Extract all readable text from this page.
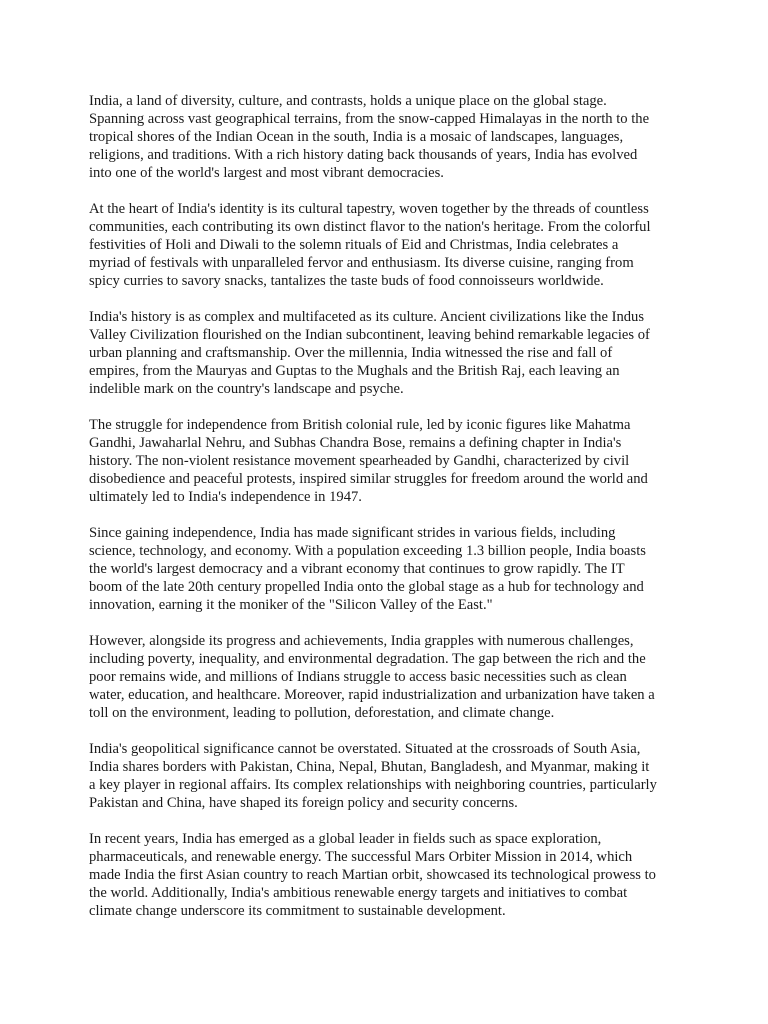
India, a land of diversity, culture, and contrasts, holds a unique place on the global stage.
Spanning across vast geographical terrains, from the snow-capped Himalayas in the north to the
tropical shores of the Indian Ocean in the south, India is a mosaic of landscapes, languages,
religions, and traditions. With a rich history dating back thousands of years, India has evolved
into one of the world's largest and most vibrant democracies.

At the heart of India's identity is its cultural tapestry, woven together by the threads of countless
communities, each contributing its own distinct flavor to the nation's heritage. From the colorful
festivities of Holi and Diwali to the solemn rituals of Eid and Christmas, India celebrates a
myriad of festivals with unparalleled fervor and enthusiasm. Its diverse cuisine, ranging from
spicy curries to savory snacks, tantalizes the taste buds of food connoisseurs worldwide.

India's history is as complex and multifaceted as its culture. Ancient civilizations like the Indus
Valley Civilization flourished on the Indian subcontinent, leaving behind remarkable legacies of
urban planning and craftsmanship. Over the millennia, India witnessed the rise and fall of
empires, from the Mauryas and Guptas to the Mughals and the British Raj, each leaving an
indelible mark on the country's landscape and psyche.

The struggle for independence from British colonial rule, led by iconic figures like Mahatma
Gandhi, Jawaharlal Nehru, and Subhas Chandra Bose, remains a defining chapter in India's
history. The non-violent resistance movement spearheaded by Gandhi, characterized by civil
disobedience and peaceful protests, inspired similar struggles for freedom around the world and
ultimately led to India's independence in 1947.

Since gaining independence, India has made significant strides in various fields, including
science, technology, and economy. With a population exceeding 1.3 billion people, India boasts
the world's largest democracy and a vibrant economy that continues to grow rapidly. The IT
boom of the late 20th century propelled India onto the global stage as a hub for technology and
innovation, earning it the moniker of the "Silicon Valley of the East."

However, alongside its progress and achievements, India grapples with numerous challenges,
including poverty, inequality, and environmental degradation. The gap between the rich and the
poor remains wide, and millions of Indians struggle to access basic necessities such as clean
water, education, and healthcare. Moreover, rapid industrialization and urbanization have taken a
toll on the environment, leading to pollution, deforestation, and climate change.

India's geopolitical significance cannot be overstated. Situated at the crossroads of South Asia,
India shares borders with Pakistan, China, Nepal, Bhutan, Bangladesh, and Myanmar, making it
a key player in regional affairs. Its complex relationships with neighboring countries, particularly
Pakistan and China, have shaped its foreign policy and security concerns.

In recent years, India has emerged as a global leader in fields such as space exploration,
pharmaceuticals, and renewable energy. The successful Mars Orbiter Mission in 2014, which
made India the first Asian country to reach Martian orbit, showcased its technological prowess to
the world. Additionally, India's ambitious renewable energy targets and initiatives to combat
climate change underscore its commitment to sustainable development.
